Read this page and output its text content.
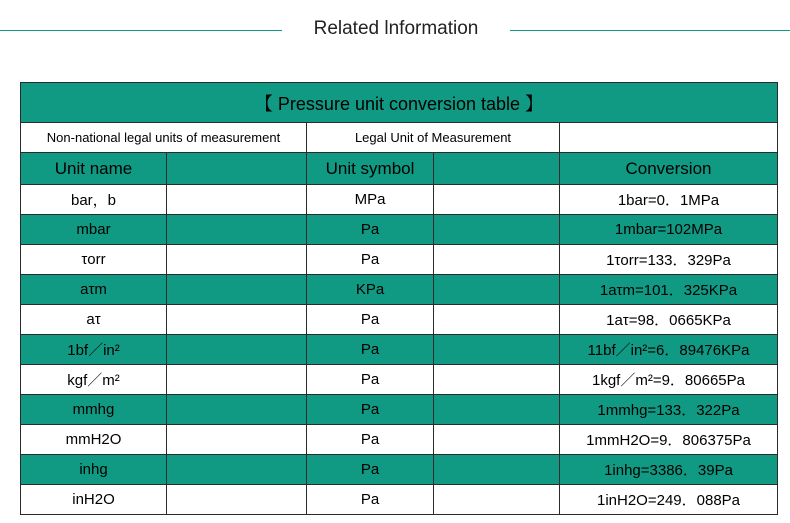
Related lnformation
【 Pressure unit conversion table 】				
Non-national legal units of measurement		Legal Unit of Measurement		
Unit name		Unit symbol		Conversion
bar，b		MPa		1bar=0．1MPa
mbar		Pa		1mbar=102MPa
τorr		Pa		1τorr=133．329Pa
aτm		KPa		1aτm=101．325KPa
aτ		Pa		1aτ=98．0665KPa
1bf／in²		Pa		11bf／in²=6．89476KPa
kgf／m²		Pa		1kgf／m²=9．80665Pa
mmhg		Pa		1mmhg=133．322Pa
mmH2O		Pa		1mmH2O=9．806375Pa
inhg		Pa		1inhg=3386．39Pa
inH2O		Pa		1inH2O=249．088Pa
